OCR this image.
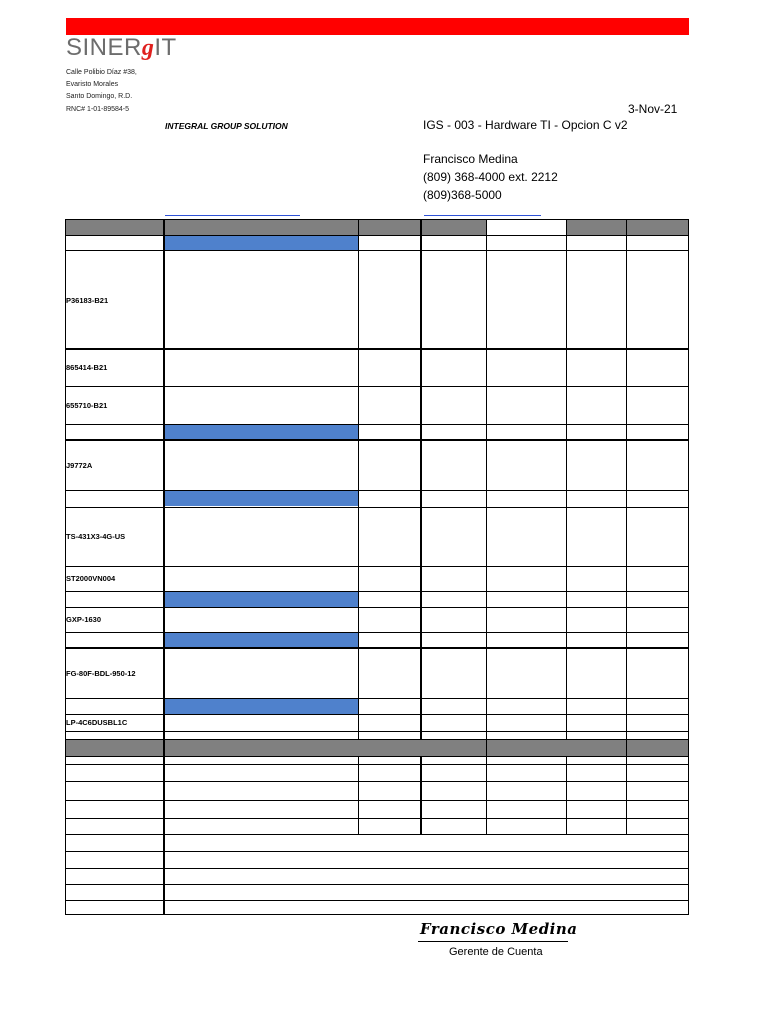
SINERgIT
Calle Polibio Díaz #38,
Evaristo Morales
Santo Domingo, R.D.
RNC# 1-01-89584-5	3-Nov-21
INTEGRAL GROUP SOLUTION	IGS - 003 - Hardware TI - Opcion C v2
Francisco Medina
(809) 368-4000 ext. 2212
(809)368-5000
P36183-B21
865414-B21
655710-B21
J9772A
TS-431X3-4G-US
ST2000VN004
GXP-1630
FG-80F-BDL-950-12
LP-4C6DUSBL1C
Francisco Medina
Gerente de Cuenta
